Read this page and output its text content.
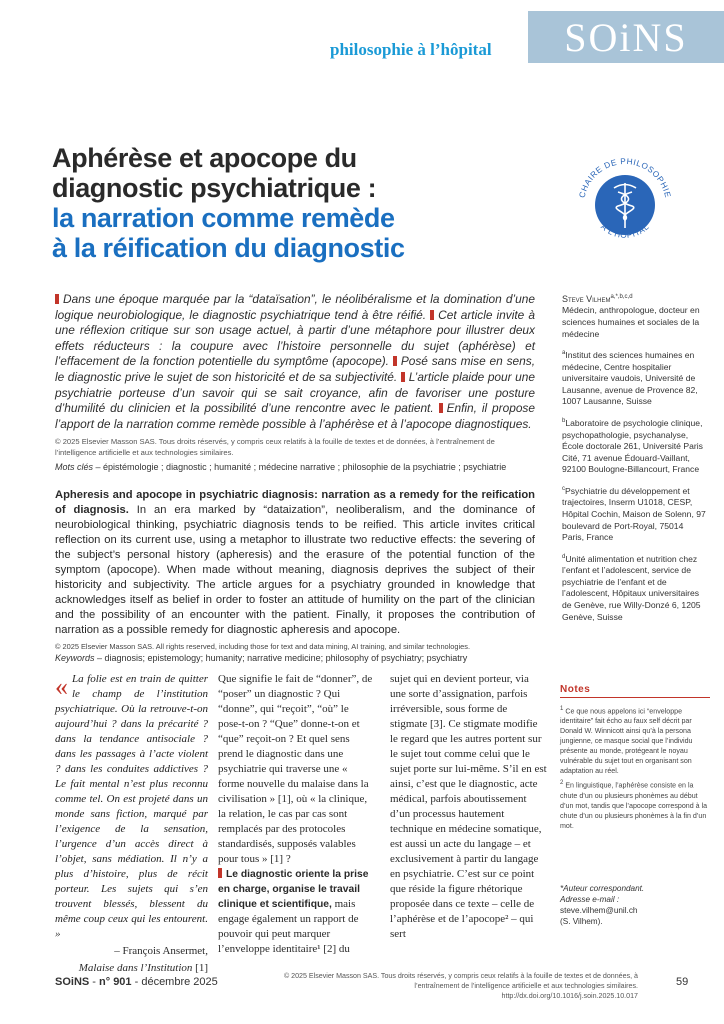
philosophie à l’hôpital	SOiNS
Aphérèse et apocope du
diagnostic psychiatrique :
la narration comme remède
à la réification du diagnostic
CHAIRE DE PHILOSOPHIE
À L’HÔPITAL

Dans une époque marquée par la “dataïsation”, le néolibéralisme et la domination d’une logique neurobiologique, le diagnostic psychiatrique tend à être réifié. Cet article invite à une réflexion critique sur son usage actuel, à partir d’une métaphore pour illustrer deux effets réducteurs : la coupure avec l’histoire personnelle du sujet (aphérèse) et l’effacement de la fonction potentielle du symptôme (apocope). Posé sans mise en sens, le diagnostic prive le sujet de son historicité et de sa subjectivité. L’article plaide pour une psychiatrie porteuse d’un savoir qui se sait croyance, afin de favoriser une posture d’humilité du clinicien et la possibilité d’une rencontre avec le patient. Enfin, il propose l’apport de la narration comme remède possible à l’aphérèse et à l’apocope diagnostiques.

© 2025 Elsevier Masson SAS. Tous droits réservés, y compris ceux relatifs à la fouille de textes et de données, à l’entraînement de l’intelligence artificielle et aux technologies similaires.
Mots clés – épistémologie ; diagnostic ; humanité ; médecine narrative ; philosophie de la psychiatrie ; psychiatrie

Apheresis and apocope in psychiatric diagnosis: narration as a remedy for the reification of diagnosis. In an era marked by “dataization”, neoliberalism, and the dominance of neurobiological thinking, psychiatric diagnosis tends to be reified. This article invites critical reflection on its current use, using a metaphor to illustrate two reductive effects: the severing of the subject’s personal history (apheresis) and the erasure of the potential function of the symptom (apocope). When made without meaning, diagnosis deprives the subject of their historicity and subjectivity. The article argues for a psychiatry grounded in knowledge that acknowledges itself as belief in order to foster an attitude of humility on the part of the clinician and the possibility of an encounter with the patient. Finally, it proposes the contribution of narration as a possible remedy for diagnostic apheresis and apocope.

© 2025 Elsevier Masson SAS. All rights reserved, including those for text and data mining, AI training, and similar technologies.
Keywords – diagnosis; epistemology; humanity; narrative medicine; philosophy of psychiatry; psychiatry
Steve Vilhem$^{a,*,b,c,d}$
Médecin, anthropologue, docteur en sciences humaines et sociales de la médecine
$^a$Institut des sciences humaines en médecine, Centre hospitalier universitaire vaudois, Université de Lausanne, avenue de Provence 82, 1007 Lausanne, Suisse
$^b$Laboratoire de psychologie clinique, psychopathologie, psychanalyse, École doctorale 261, Université Paris Cité, 71 avenue Édouard-Vaillant, 92100 Boulogne-Billancourt, France
$^c$Psychiatrie du développement et trajectoires, Inserm U1018, CESP, Hôpital Cochin, Maison de Solenn, 97 boulevard de Port-Royal, 75014 Paris, France
$^d$Unité alimentation et nutrition chez l’enfant et l’adolescent, service de psychiatrie de l’enfant et de l’adolescent, Hôpitaux universitaires de Genève, rue Willy-Donzé 6, 1205 Genève, Suisse
« La folie est en train de quitter le champ de l’institution psychiatrique. Où la retrouve-t-on aujourd’hui ? dans la précarité ? dans la tendance antisociale ? dans les passages à l’acte violent ? dans les conduites addictives ? Le fait mental n’est plus reconnu comme tel. On est projeté dans un monde sans fiction, marqué par l’exigence de la sensation, l’urgence d’un accès direct à l’objet, sans médiation. Il n’y a plus d’histoire, plus de récit porteur. Les sujets qui s’en trouvent blessés, blessent du même coup ceux qui les entourent. »
– François Ansermet,
Malaise dans l’Institution [1]
Que signifie le fait de “donner”, de “poser” un diagnostic ? Qui “donne”, qui “reçoit”, “où” le pose-t-on ? “Que” donne-t-on et “que” reçoit-on ? Et quel sens prend le diagnostic dans une psychiatrie qui traverse une « forme nouvelle du malaise dans la civilisation » [1], où « la clinique, la relation, le cas par cas sont remplacés par des protocoles standardisés, supposés valables pour tous » [1] ?
Le diagnostic oriente la prise en charge, organise le travail clinique et scientifique, mais engage également un rapport de pouvoir qui peut marquer l’enveloppe identitaire¹ [2] du
sujet qui en devient porteur, via une sorte d’assignation, parfois irréversible, sous forme de stigmate [3]. Ce stigmate modifie le regard que les autres portent sur le sujet tout comme celui que le sujet porte sur lui-même. S’il en est ainsi, c’est que le diagnostic, acte médical, parfois aboutissement d’un processus hautement technique en médecine somatique, est aussi un acte du langage – et exclusivement à partir du langage en psychiatrie. C’est sur ce point que réside la figure rhétorique proposée dans ce texte – celle de l’aphérèse et de l’apocope² – qui sert
Notes
$^1$ Ce que nous appelons ici “enveloppe identitaire” fait écho au faux self décrit par Donald W. Winnicott ainsi qu’à la persona jungienne, ce masque social que l’individu présente au monde, protégeant le noyau vulnérable du sujet tout en organisant son adaptation au réel.
$^2$ En linguistique, l’aphérèse consiste en la chute d’un ou plusieurs phonèmes au début d’un mot, tandis que l’apocope correspond à la chute d’un ou plusieurs phonèmes à la fin d’un mot.
*Auteur correspondant.
Adresse e-mail :
steve.vilhem@unil.ch
(S. Vilhem).
SOiNS - n° 901 - décembre 2025	© 2025 Elsevier Masson SAS. Tous droits réservés, y compris ceux relatifs à la fouille de textes et de données, à l’entraînement de l’intelligence artificielle et aux technologies similaires.
http://dx.doi.org/10.1016/j.soin.2025.10.017
59
